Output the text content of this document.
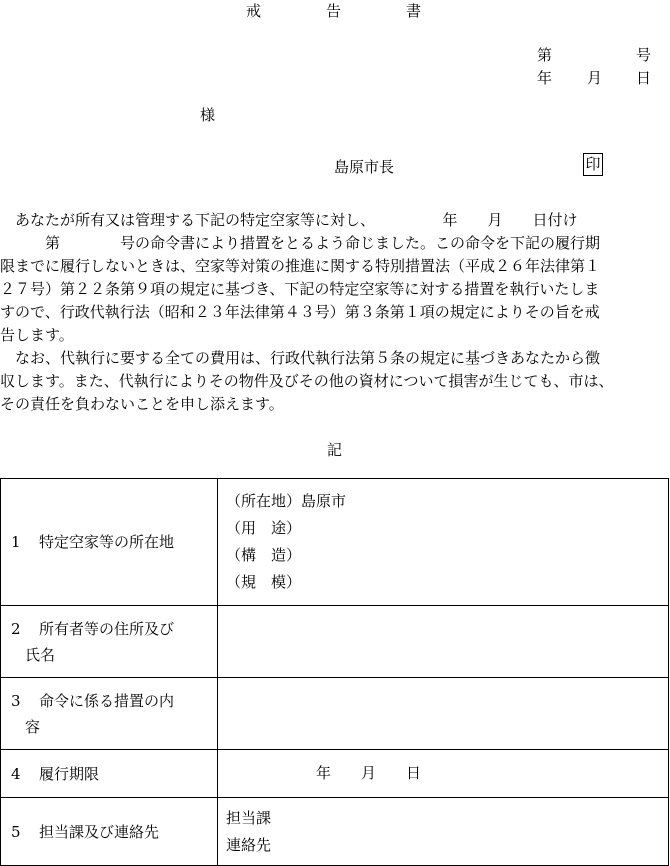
戒	告	書
第	号
年 月 日
様
島原市長	印
　あなたが所有又は管理する下記の特定空家等に対し、　　　　　年　　月　　日付け
　　　第　　　　号の命令書により措置をとるよう命じました。この命令を下記の履行期
限までに履行しないときは、空家等対策の推進に関する特別措置法（平成２６年法律第１
２７号）第２２条第９項の規定に基づき、下記の特定空家等に対する措置を執行いたしま
すので、行政代執行法（昭和２３年法律第４３号）第３条第１項の規定によりその旨を戒
告します。
　なお、代執行に要する全ての費用は、行政代執行法第５条の規定に基づきあなたから徴
収します。また、代執行によりその物件及びその他の資材について損害が生じても、市は、
その責任を負わないことを申し添えます。
記
1 特定空家等の所在地	（所在地）島原市
（用　途）
（構　造）
（規　模）

2 所有者等の住所及び
氏名	

3 命令に係る措置の内
容	

4 履行期限	年　　月　　日
5 担当課及び連絡先	担当課
連絡先
